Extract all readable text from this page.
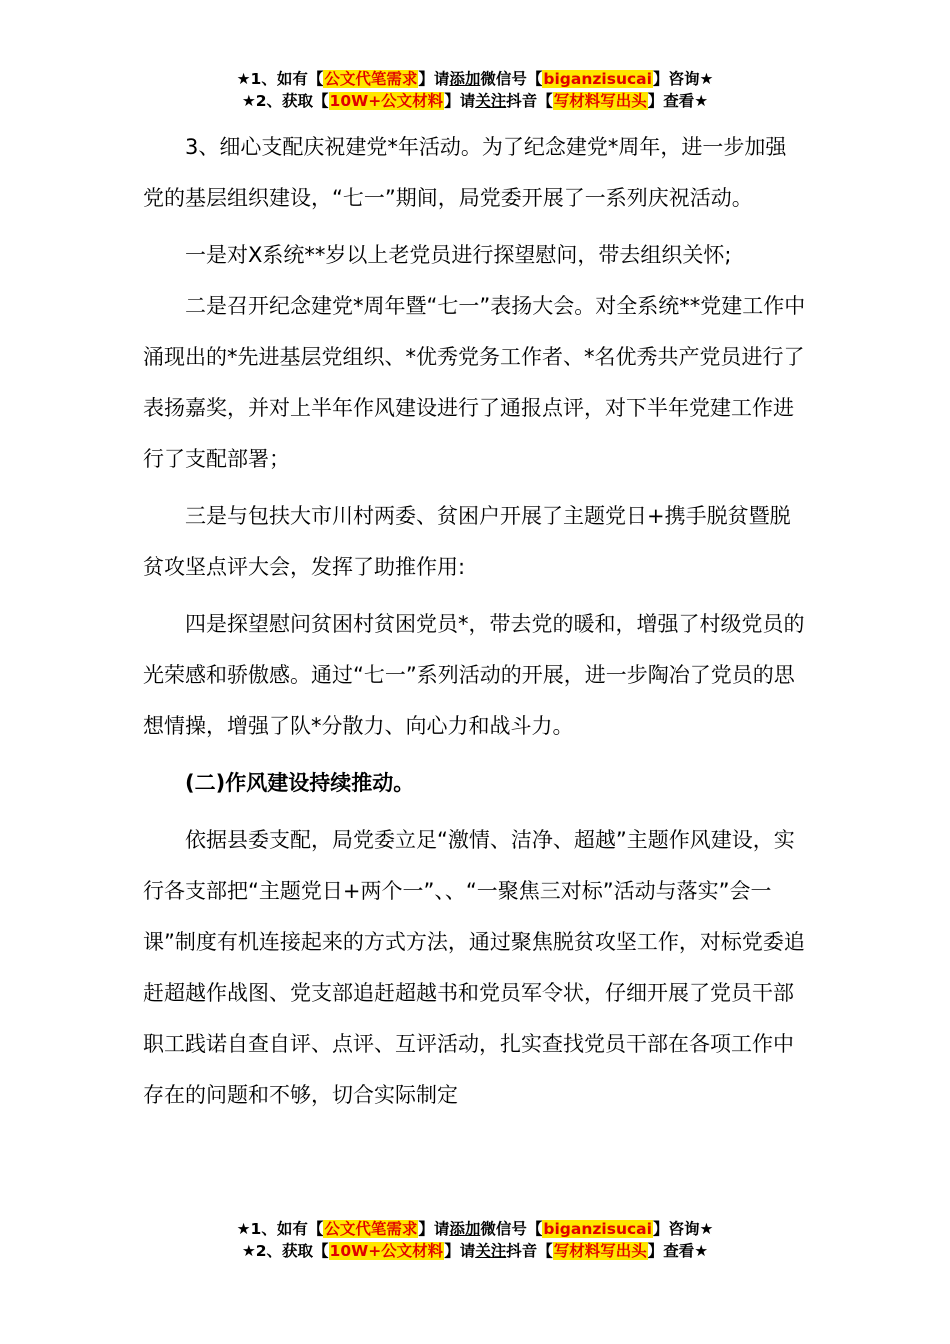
★1、如有【公文代笔需求】请添加微信号【biganzisucai】咨询★
★2、获取【10W+公文材料】请关注抖音【写材料写出头】查看★

3、细心支配庆祝建党*年活动。为了纪念建党*周年，进一步加强党的基层组织建设，“七一”期间，局党委开展了一系列庆祝活动。

一是对X系统**岁以上老党员进行探望慰问，带去组织关怀;

二是召开纪念建党*周年暨“七一”表扬大会。对全系统**党建工作中涌现出的*先进基层党组织、*优秀党务工作者、*名优秀共产党员进行了表扬嘉奖，并对上半年作风建设进行了通报点评，对下半年党建工作进行了支配部署；

三是与包扶大市川村两委、贫困户开展了主题党日+携手脱贫暨脱贫攻坚点评大会，发挥了助推作用:

四是探望慰问贫困村贫困党员*，带去党的暖和，增强了村级党员的光荣感和骄傲感。通过“七一”系列活动的开展，进一步陶冶了党员的思想情操，增强了队*分散力、向心力和战斗力。

(二)作风建设持续推动。

依据县委支配，局党委立足“激情、洁净、超越”主题作风建设，实行各支部把“主题党日+两个一”、、“一聚焦三对标”活动与落实”会一课”制度有机连接起来的方式方法，通过聚焦脱贫攻坚工作，对标党委追赶超越作战图、党支部追赶超越书和党员军令状，仔细开展了党员干部职工践诺自查自评、点评、互评活动，扎实查找党员干部在各项工作中存在的问题和不够，切合实际制定

★1、如有【公文代笔需求】请添加微信号【biganzisucai】咨询★
★2、获取【10W+公文材料】请关注抖音【写材料写出头】查看★
